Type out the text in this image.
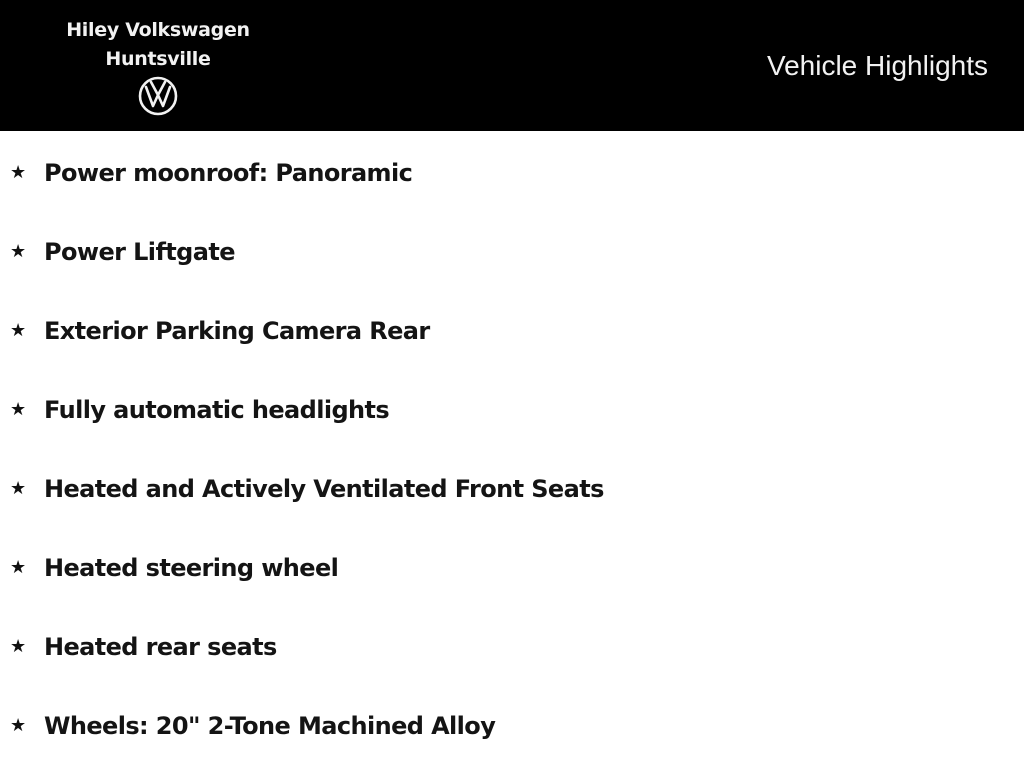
Hiley Volkswagen
Huntsville	Vehicle Highlights
★ Power moonroof: Panoramic
★ Power Liftgate
★ Exterior Parking Camera Rear
★ Fully automatic headlights
★ Heated and Actively Ventilated Front Seats
★ Heated steering wheel
★ Heated rear seats
★ Wheels: 20" 2-Tone Machined Alloy
